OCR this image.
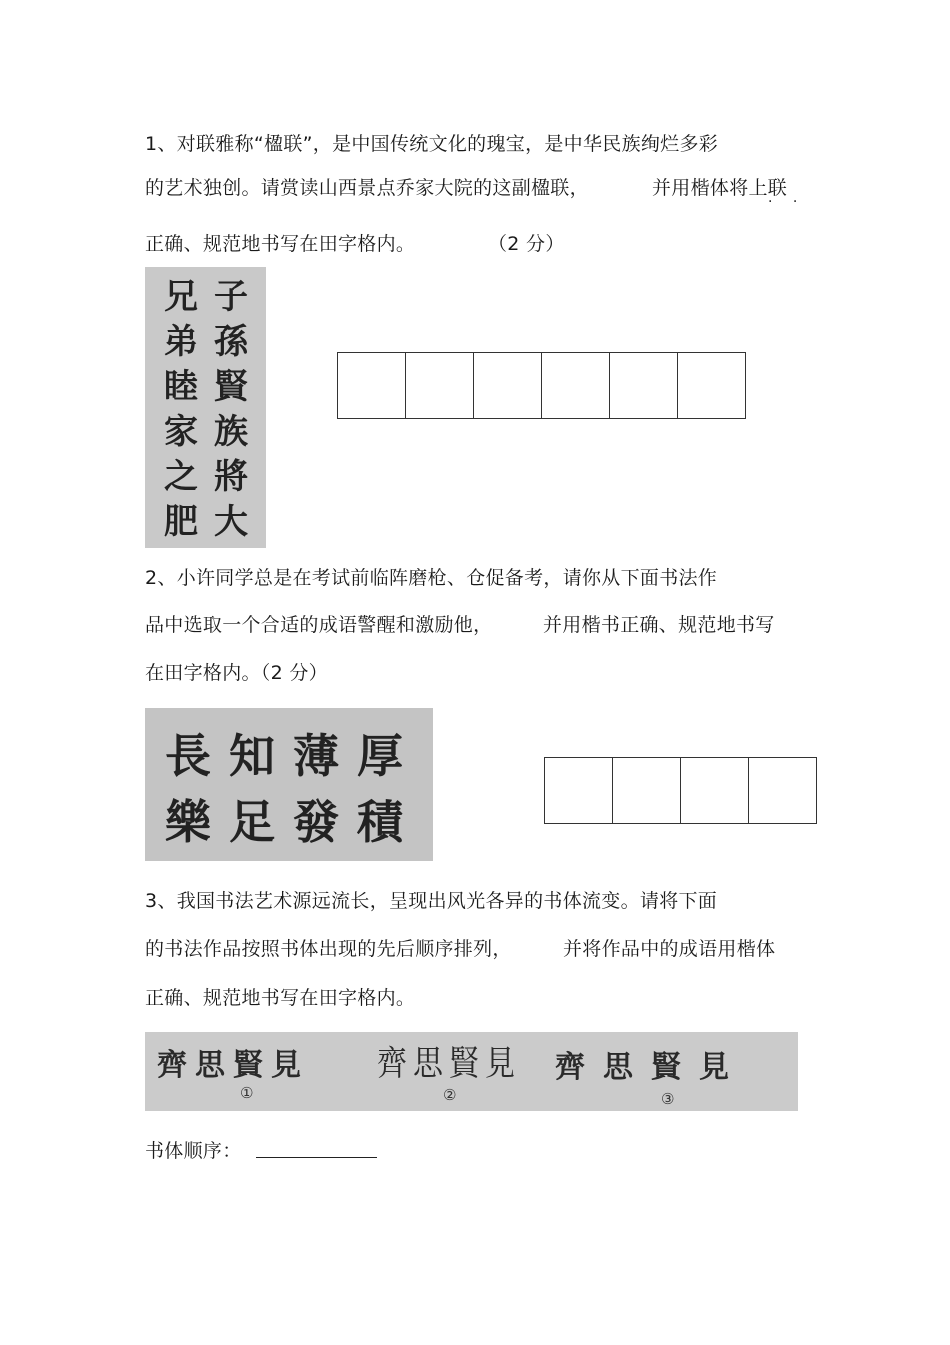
1、对联雅称“楹联”，是中国传统文化的瑰宝，是中华民族绚烂多彩
的艺术独创。请赏读山西景点乔家大院的这副楹联，	并用楷体将上联
· ·
正确、规范地书写在田字格内。	（2 分）
子
孫
賢
族
將
大
兄
弟
睦
家
之
肥
2、小许同学总是在考试前临阵磨枪、仓促备考，请你从下面书法作
品中选取一个合适的成语警醒和激励他，	并用楷书正确、规范地书写
在田字格内。（2 分）
長知薄厚
樂足發積
3、我国书法艺术源远流长，呈现出风光各异的书体流变。请将下面
的书法作品按照书体出现的先后顺序排列，	并将作品中的成语用楷体
正确、规范地书写在田字格内。
齊思賢見
①
齊思賢見
②
齊思賢見
③
书体顺序：
